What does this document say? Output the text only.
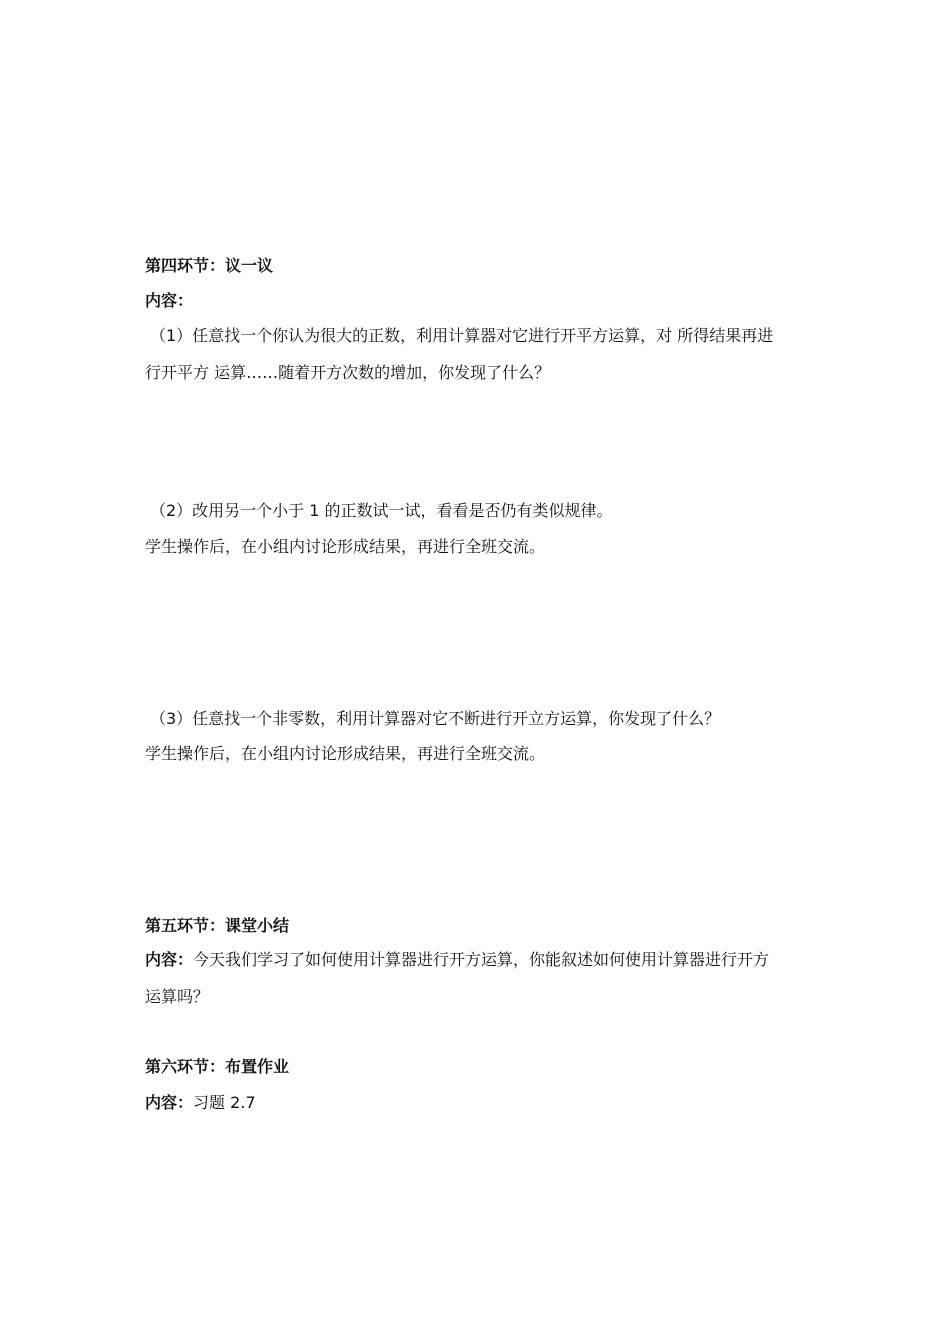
第四环节：议一议
内容：
（1）任意找一个你认为很大的正数，利用计算器对它进行开平方运算，对 所得结果再进
行开平方 运算……随着开方次数的增加，你发现了什么？
（2）改用另一个小于 1 的正数试一试，看看是否仍有类似规律。
学生操作后，在小组内讨论形成结果，再进行全班交流。
（3）任意找一个非零数，利用计算器对它不断进行开立方运算，你发现了什么？
学生操作后，在小组内讨论形成结果，再进行全班交流。
第五环节：课堂小结
内容：今天我们学习了如何使用计算器进行开方运算，你能叙述如何使用计算器进行开方
运算吗？
第六环节：布置作业
内容：习题 2.7
